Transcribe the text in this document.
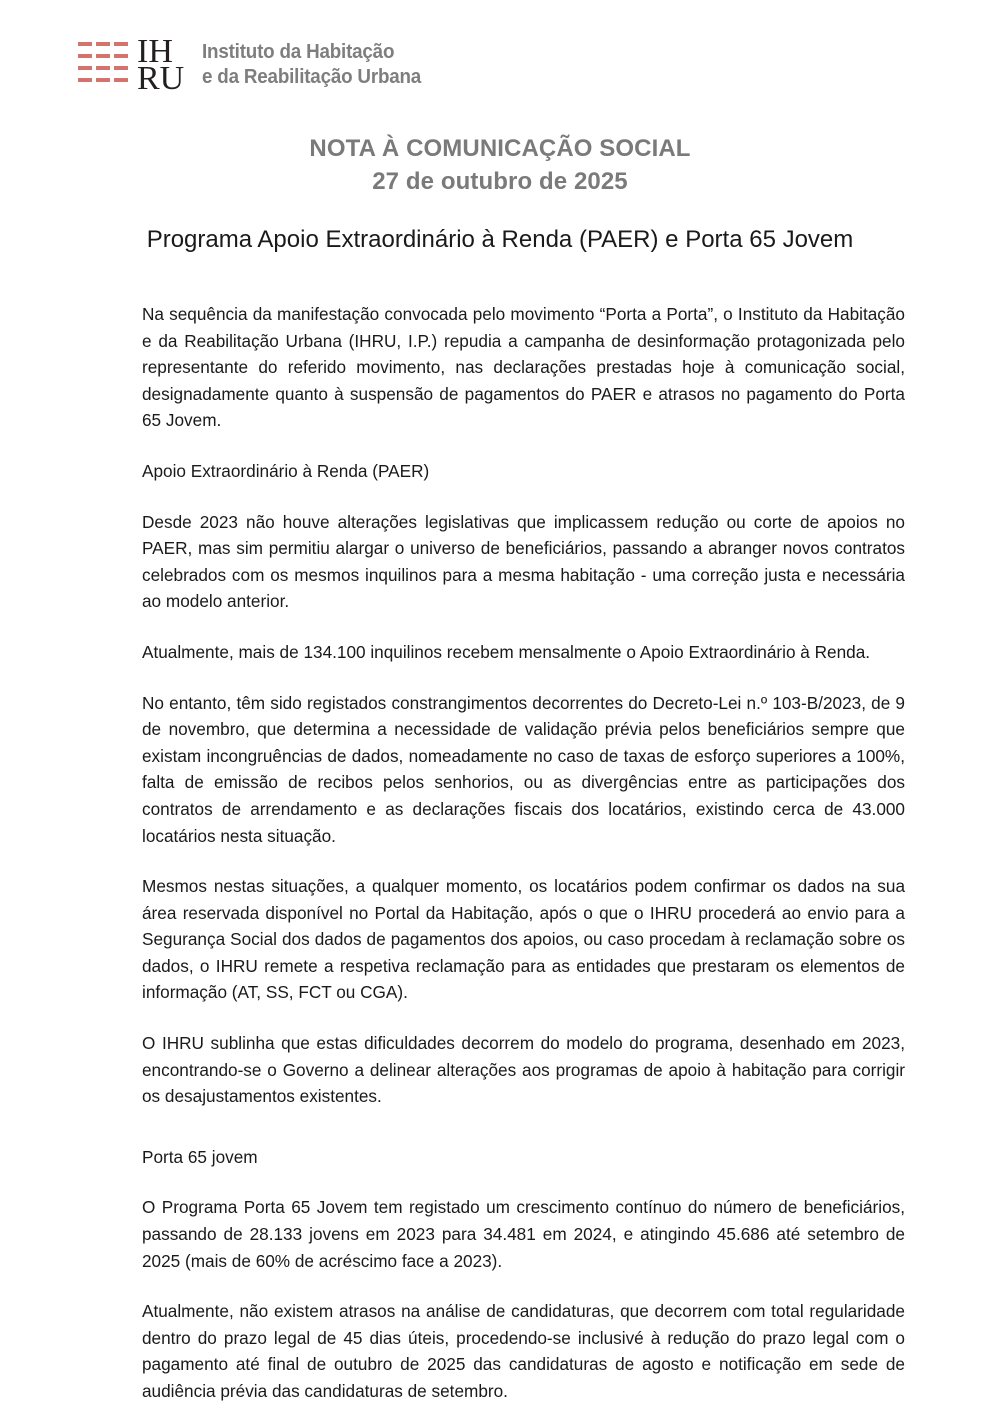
IH
RU
Instituto da Habitação
e da Reabilitação Urbana
NOTA À COMUNICAÇÃO SOCIAL
27 de outubro de 2025
Programa Apoio Extraordinário à Renda (PAER) e Porta 65 Jovem

Na sequência da manifestação convocada pelo movimento “Porta a Porta”, o Instituto da Habitação e da Reabilitação Urbana (IHRU, I.P.) repudia a campanha de desinformação protagonizada pelo representante do referido movimento, nas declarações prestadas hoje à comunicação social, designadamente quanto à suspensão de pagamentos do PAER e atrasos no pagamento do Porta 65 Jovem.

Apoio Extraordinário à Renda (PAER)

Desde 2023 não houve alterações legislativas que implicassem redução ou corte de apoios no PAER, mas sim permitiu alargar o universo de beneficiários, passando a abranger novos contratos celebrados com os mesmos inquilinos para a mesma habitação - uma correção justa e necessária ao modelo anterior.

Atualmente, mais de 134.100 inquilinos recebem mensalmente o Apoio Extraordinário à Renda.

No entanto, têm sido registados constrangimentos decorrentes do Decreto-Lei n.º 103-B/2023, de 9 de novembro, que determina a necessidade de validação prévia pelos beneficiários sempre que existam incongruências de dados, nomeadamente no caso de taxas de esforço superiores a 100%, falta de emissão de recibos pelos senhorios, ou as divergências entre as participações dos contratos de arrendamento e as declarações fiscais dos locatários, existindo cerca de 43.000 locatários nesta situação.

Mesmos nestas situações, a qualquer momento, os locatários podem confirmar os dados na sua área reservada disponível no Portal da Habitação, após o que o IHRU procederá ao envio para a Segurança Social dos dados de pagamentos dos apoios, ou caso procedam à reclamação sobre os dados, o IHRU remete a respetiva reclamação para as entidades que prestaram os elementos de informação (AT, SS, FCT ou CGA).

O IHRU sublinha que estas dificuldades decorrem do modelo do programa, desenhado em 2023, encontrando-se o Governo a delinear alterações aos programas de apoio à habitação para corrigir os desajustamentos existentes.

Porta 65 jovem

O Programa Porta 65 Jovem tem registado um crescimento contínuo do número de beneficiários, passando de 28.133 jovens em 2023 para 34.481 em 2024, e atingindo 45.686 até setembro de 2025 (mais de 60% de acréscimo face a 2023).

Atualmente, não existem atrasos na análise de candidaturas, que decorrem com total regularidade dentro do prazo legal de 45 dias úteis, procedendo-se inclusivé à redução do prazo legal com o pagamento até final de outubro de 2025 das candidaturas de agosto e notificação em sede de audiência prévia das candidaturas de setembro.
